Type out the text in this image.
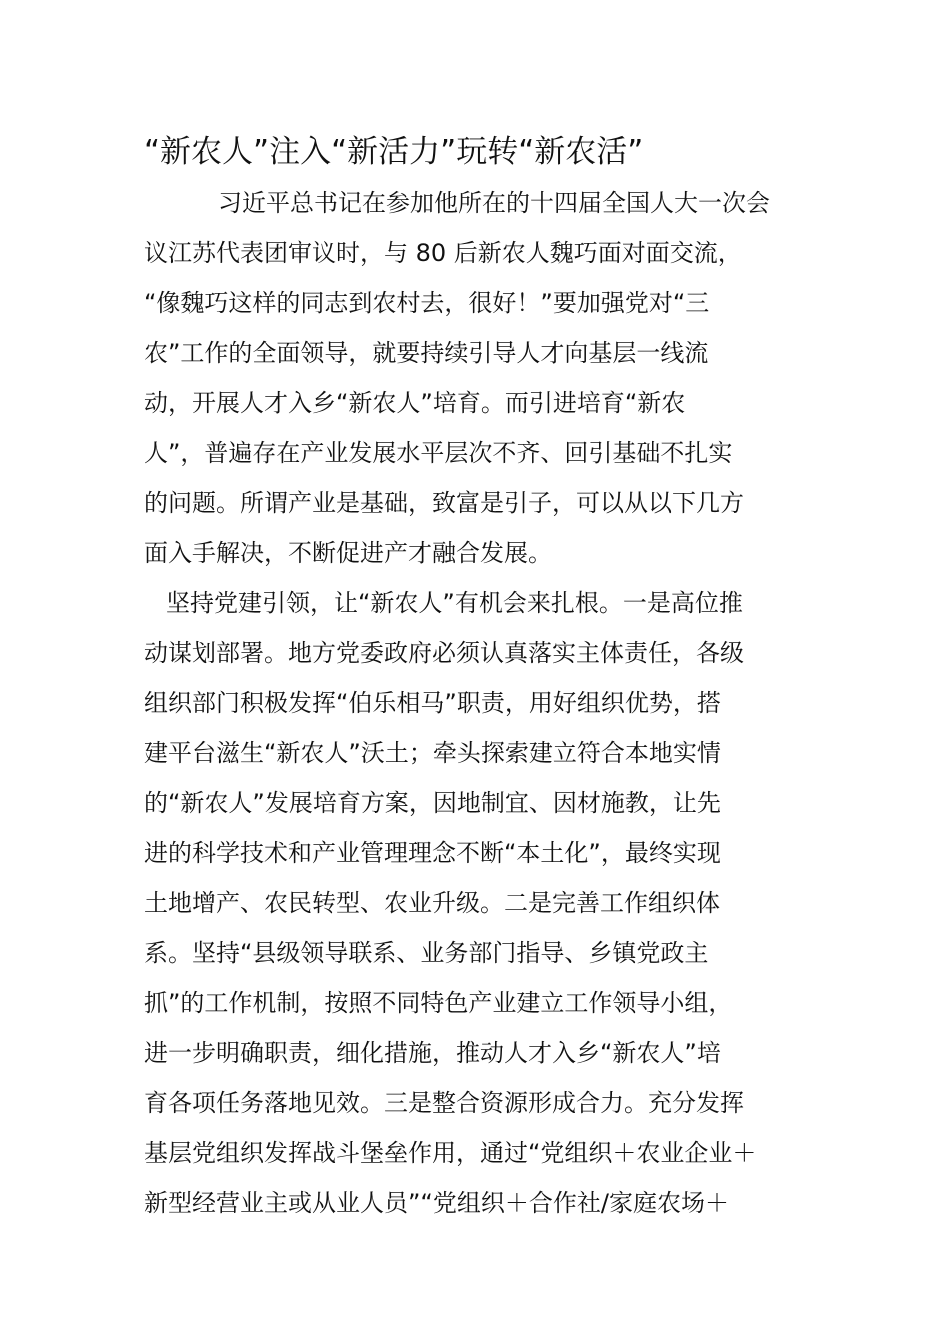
“新农人”注入“新活力”玩转“新农活”
习近平总书记在参加他所在的十四届全国人大一次会
议江苏代表团审议时，与 80 后新农人魏巧面对面交流，
“像魏巧这样的同志到农村去，很好！”要加强党对“三
农”工作的全面领导，就要持续引导人才向基层一线流
动，开展人才入乡“新农人”培育。而引进培育“新农
人”，普遍存在产业发展水平层次不齐、回引基础不扎实
的问题。所谓产业是基础，致富是引子，可以从以下几方
面入手解决，不断促进产才融合发展。
坚持党建引领，让“新农人”有机会来扎根。一是高位推
动谋划部署。地方党委政府必须认真落实主体责任，各级
组织部门积极发挥“伯乐相马”职责，用好组织优势，搭
建平台滋生“新农人”沃土；牵头探索建立符合本地实情
的“新农人”发展培育方案，因地制宜、因材施教，让先
进的科学技术和产业管理理念不断“本土化”，最终实现
土地增产、农民转型、农业升级。二是完善工作组织体
系。坚持“县级领导联系、业务部门指导、乡镇党政主
抓”的工作机制，按照不同特色产业建立工作领导小组，
进一步明确职责，细化措施，推动人才入乡“新农人”培
育各项任务落地见效。三是整合资源形成合力。充分发挥
基层党组织发挥战斗堡垒作用，通过“党组织＋农业企业＋
新型经营业主或从业人员”“党组织＋合作社/家庭农场＋
